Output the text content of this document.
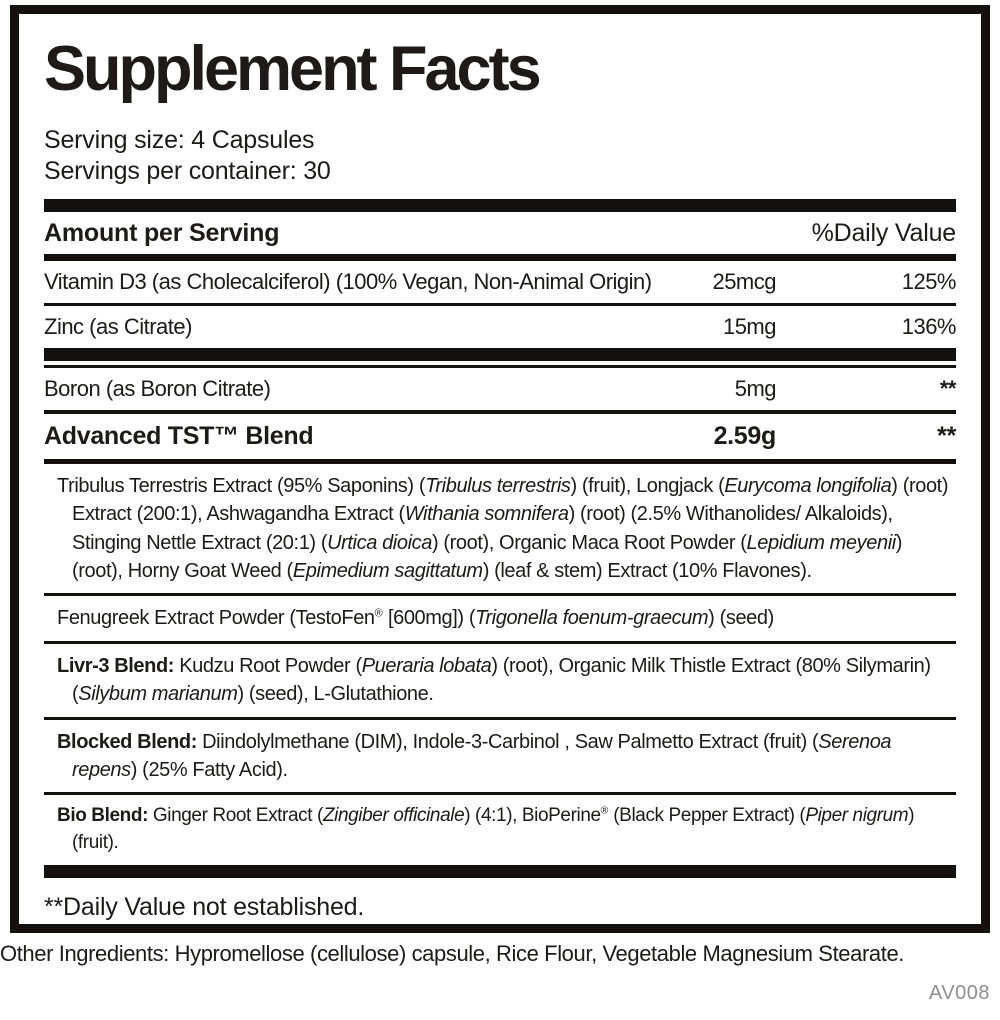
Supplement Facts
Serving size: 4 Capsules
Servings per container: 30
Amount per Serving	%Daily Value
Vitamin D3 (as Cholecalciferol) (100% Vegan, Non-Animal Origin)	25mcg	125%
Zinc (as Citrate)	15mg	136%
Boron (as Boron Citrate)	5mg	**
Advanced TST™ Blend	2.59g	**
Tribulus Terrestris Extract (95% Saponins) (Tribulus terrestris) (fruit), Longjack (Eurycoma longifolia) (root) Extract (200:1), Ashwagandha Extract (Withania somnifera) (root) (2.5% Withanolides/ Alkaloids), Stinging Nettle Extract (20:1) (Urtica dioica) (root), Organic Maca Root Powder (Lepidium meyenii) (root), Horny Goat Weed (Epimedium sagittatum) (leaf & stem) Extract (10% Flavones).
Fenugreek Extract Powder (TestoFen® [600mg]) (Trigonella foenum-graecum) (seed)
Livr-3 Blend: Kudzu Root Powder (Pueraria lobata) (root), Organic Milk Thistle Extract (80% Silymarin) (Silybum marianum) (seed), L-Glutathione.
Blocked Blend: Diindolylmethane (DIM), Indole-3-Carbinol , Saw Palmetto Extract (fruit) (Serenoa repens) (25% Fatty Acid).
Bio Blend: Ginger Root Extract (Zingiber officinale) (4:1), BioPerine® (Black Pepper Extract) (Piper nigrum) (fruit).
**Daily Value not established.
Other Ingredients: Hypromellose (cellulose) capsule, Rice Flour, Vegetable Magnesium Stearate.
AV008
